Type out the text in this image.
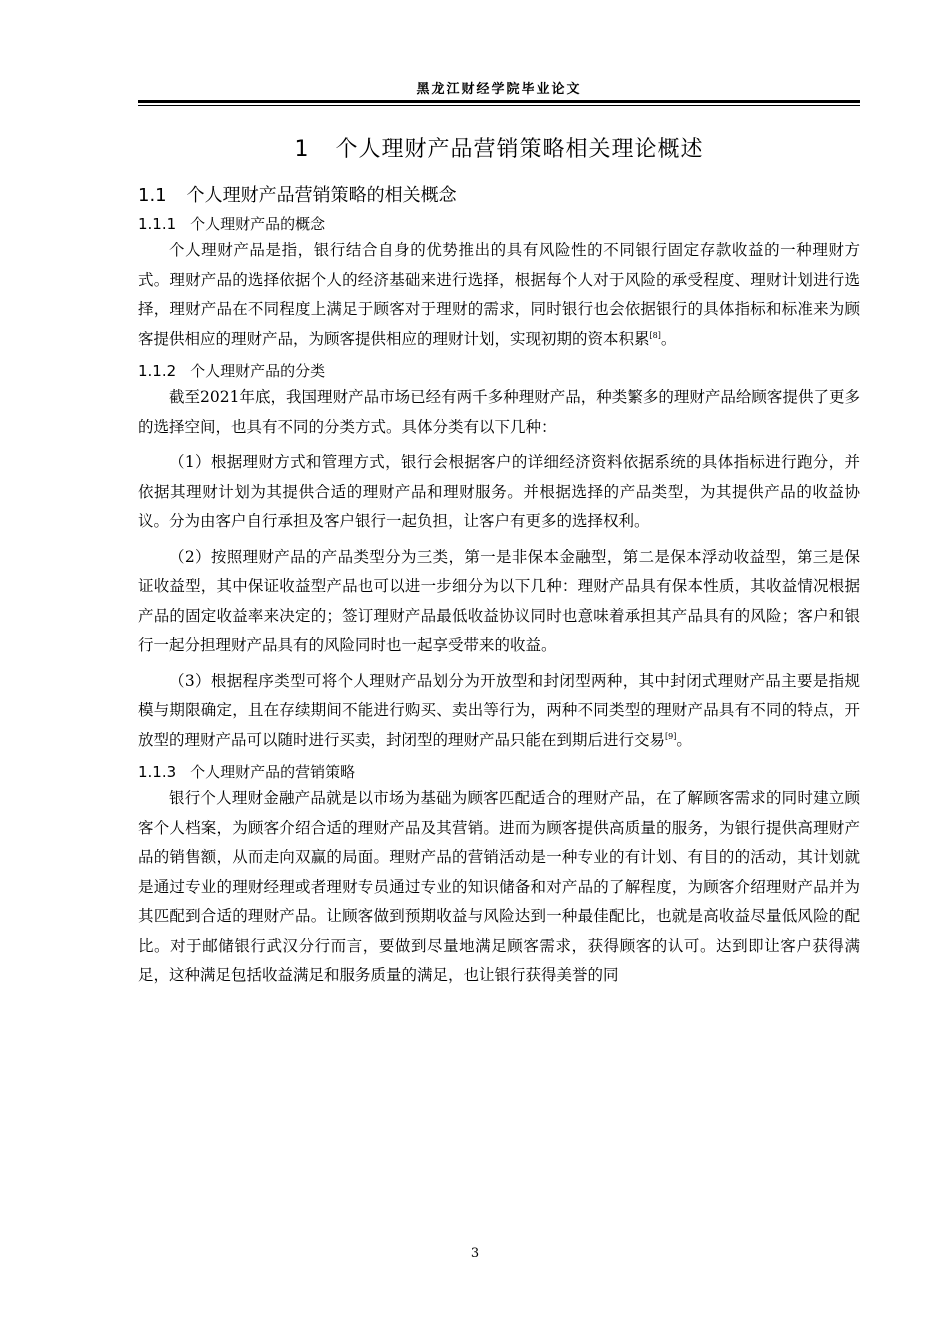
黑龙江财经学院毕业论文
1 个人理财产品营销策略相关理论概述
1.1 个人理财产品营销策略的相关概念
1.1.1 个人理财产品的概念

个人理财产品是指，银行结合自身的优势推出的具有风险性的不同银行固定存款收益的一种理财方式。理财产品的选择依据个人的经济基础来进行选择，根据每个人对于风险的承受程度、理财计划进行选择，理财产品在不同程度上满足于顾客对于理财的需求，同时银行也会依据银行的具体指标和标准来为顾客提供相应的理财产品，为顾客提供相应的理财计划，实现初期的资本积累[8]。

1.1.2 个人理财产品的分类

截至2021年底，我国理财产品市场已经有两千多种理财产品，种类繁多的理财产品给顾客提供了更多的选择空间，也具有不同的分类方式。具体分类有以下几种：

（1）根据理财方式和管理方式，银行会根据客户的详细经济资料依据系统的具体指标进行跑分，并依据其理财计划为其提供合适的理财产品和理财服务。并根据选择的产品类型，为其提供产品的收益协议。分为由客户自行承担及客户银行一起负担，让客户有更多的选择权利。

（2）按照理财产品的产品类型分为三类，第一是非保本金融型，第二是保本浮动收益型，第三是保证收益型，其中保证收益型产品也可以进一步细分为以下几种：理财产品具有保本性质，其收益情况根据产品的固定收益率来决定的；签订理财产品最低收益协议同时也意味着承担其产品具有的风险；客户和银行一起分担理财产品具有的风险同时也一起享受带来的收益。

（3）根据程序类型可将个人理财产品划分为开放型和封闭型两种，其中封闭式理财产品主要是指规模与期限确定，且在存续期间不能进行购买、卖出等行为，两种不同类型的理财产品具有不同的特点，开放型的理财产品可以随时进行买卖，封闭型的理财产品只能在到期后进行交易[9]。

1.1.3 个人理财产品的营销策略

银行个人理财金融产品就是以市场为基础为顾客匹配适合的理财产品，在了解顾客需求的同时建立顾客个人档案，为顾客介绍合适的理财产品及其营销。进而为顾客提供高质量的服务，为银行提供高理财产品的销售额，从而走向双赢的局面。理财产品的营销活动是一种专业的有计划、有目的的活动，其计划就是通过专业的理财经理或者理财专员通过专业的知识储备和对产品的了解程度，为顾客介绍理财产品并为其匹配到合适的理财产品。让顾客做到预期收益与风险达到一种最佳配比，也就是高收益尽量低风险的配比。对于邮储银行武汉分行而言，要做到尽量地满足顾客需求，获得顾客的认可。达到即让客户获得满足，这种满足包括收益满足和服务质量的满足，也让银行获得美誉的同

3
